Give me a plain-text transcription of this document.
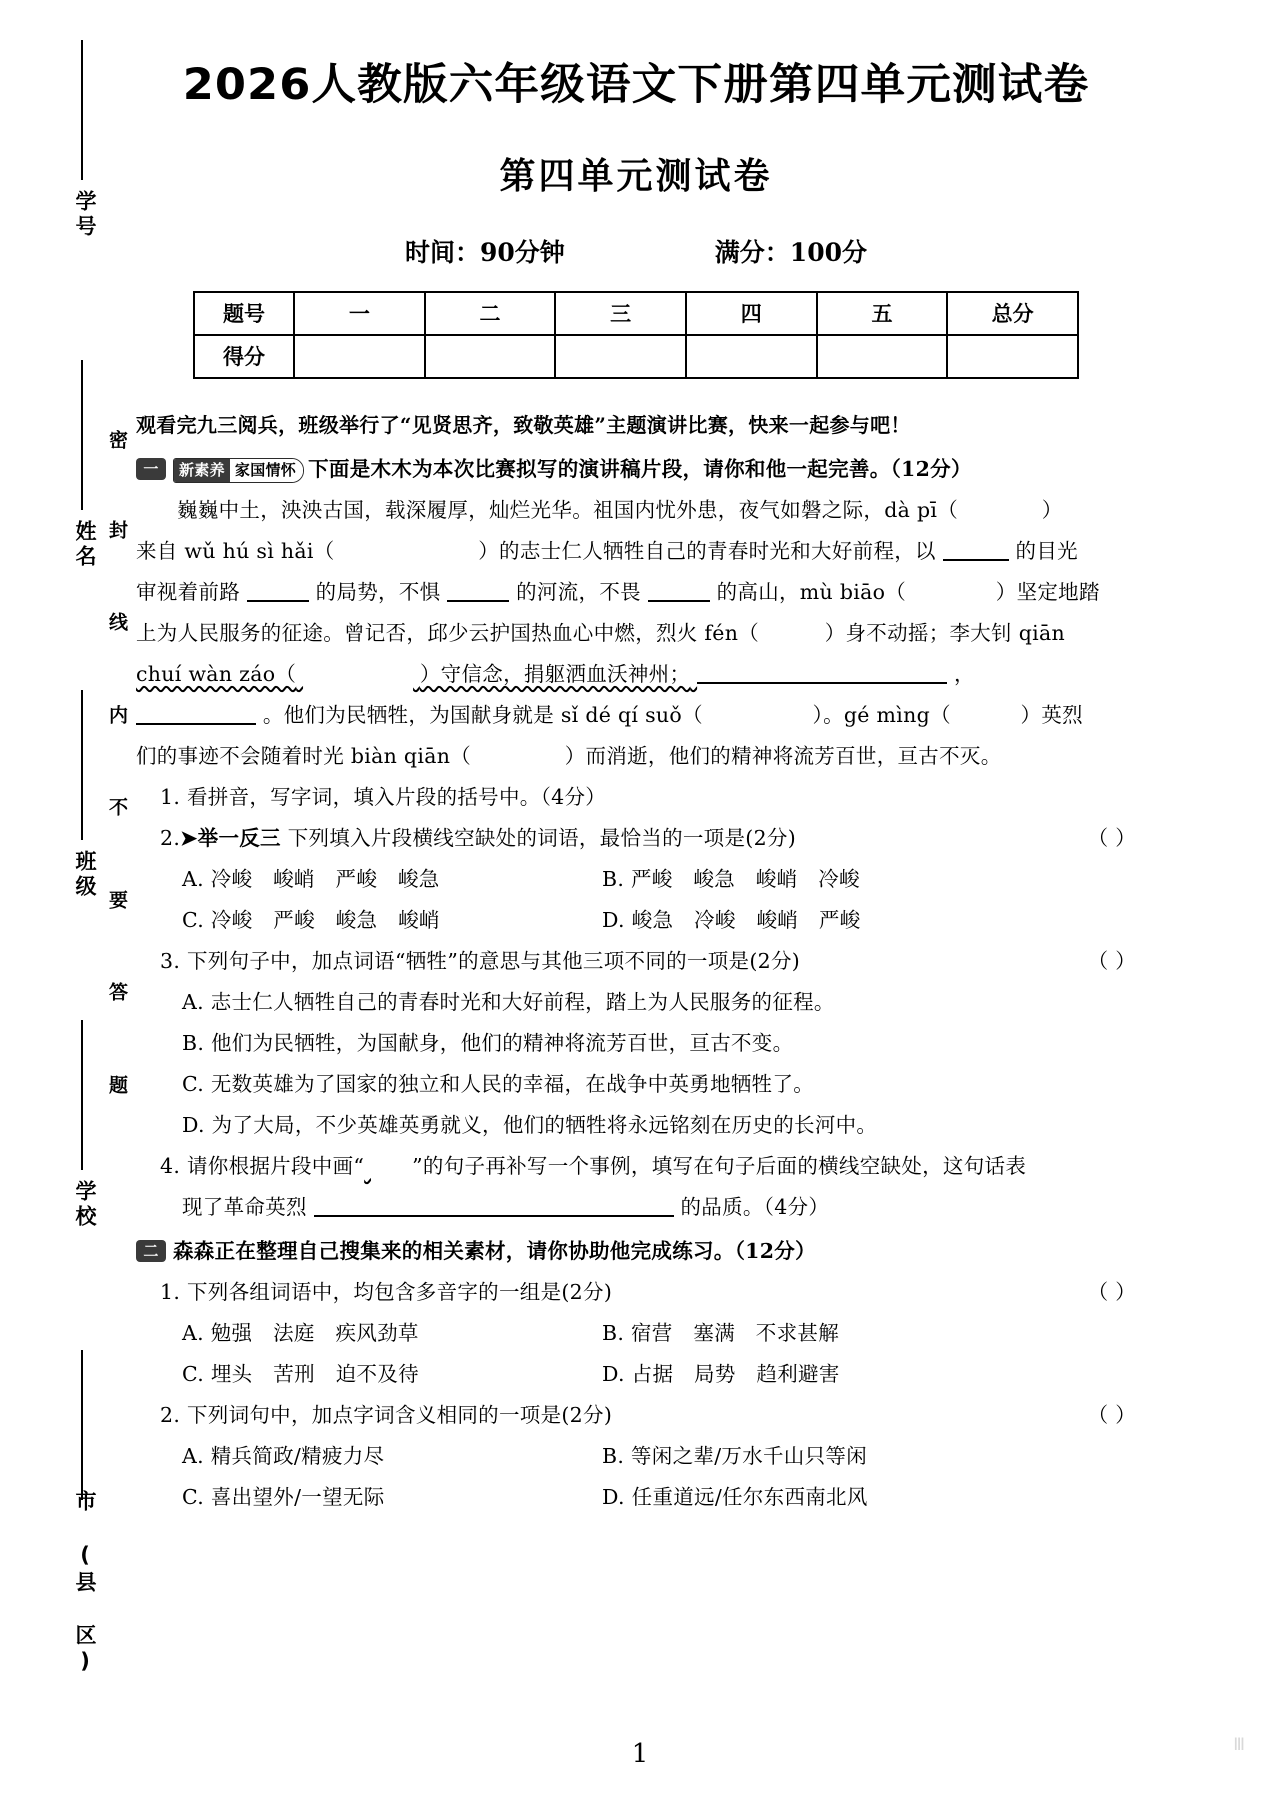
学号
姓名
班级
学校
市 (县 区)
密
封
线
内
不
要
答
题
2026人教版六年级语文下册第四单元测试卷
第四单元测试卷
时间：90分钟	满分：100分
题号	一	二	三	四	五	总分
得分						
观看完九三阅兵，班级举行了“见贤思齐，致敬英雄”主题演讲比赛，快来一起参与吧！
一	新素养 家国情怀 下面是木木为本次比赛拟写的演讲稿片段，请你和他一起完善。（12分）
巍巍中土，泱泱古国，载深履厚，灿烂光华。祖国内忧外患，夜气如磐之际，dà pī（	）
来自 wǔ hú sì hǎi（	）的志士仁人牺牲自己的青春时光和大好前程，以	的目光
审视着前路	的局势，不惧	的河流，不畏	的高山，mù biāo（	）坚定地踏
上为人民服务的征途。曾记否，邱少云护国热血心中燃，烈火 fén（	）身不动摇；李大钊 qiān
chuí wàn záo（	）守信念，捐躯洒血沃神州；	，
。他们为民牺牲，为国献身就是 sǐ dé qí suǒ（	）。gé mìng（	）英烈
们的事迹不会随着时光 biàn qiān（	）而消逝，他们的精神将流芳百世，亘古不灭。
1. 看拼音，写字词，填入片段的括号中。（4分）
2.➤举一反三 下列填入片段横线空缺处的词语，最恰当的一项是(2分)	（ ）
A. 冷峻　峻峭　严峻　峻急	B. 严峻　峻急　峻峭　冷峻
C. 冷峻　严峻　峻急　峻峭	D. 峻急　冷峻　峻峭　严峻
3. 下列句子中，加点词语“牺牲”的意思与其他三项不同的一项是(2分)	（ ）
A. 志士仁人牺牲自己的青春时光和大好前程，踏上为人民服务的征程。
B. 他们为民牺牲，为国献身，他们的精神将流芳百世，亘古不变。
C. 无数英雄为了国家的独立和人民的幸福，在战争中英勇地牺牲了。
D. 为了大局，不少英雄英勇就义，他们的牺牲将永远铭刻在历史的长河中。
4. 请你根据片段中画“ ”的句子再补写一个事例，填写在句子后面的横线空缺处，这句话表
现了革命英烈	的品质。（4分）
二 森森正在整理自己搜集来的相关素材，请你协助他完成练习。（12分）
1. 下列各组词语中，均包含多音字的一组是(2分)	（ ）
A. 勉强　法庭　疾风劲草	B. 宿营　塞满　不求甚解
C. 埋头　苦刑　迫不及待	D. 占据　局势　趋利避害
2. 下列词句中，加点字词含义相同的一项是(2分)	（ ）
A. 精兵简政/精疲力尽	B. 等闲之辈/万水千山只等闲
C. 喜出望外/一望无际	D. 任重道远/任尔东西南北风
1	Ⅲ
